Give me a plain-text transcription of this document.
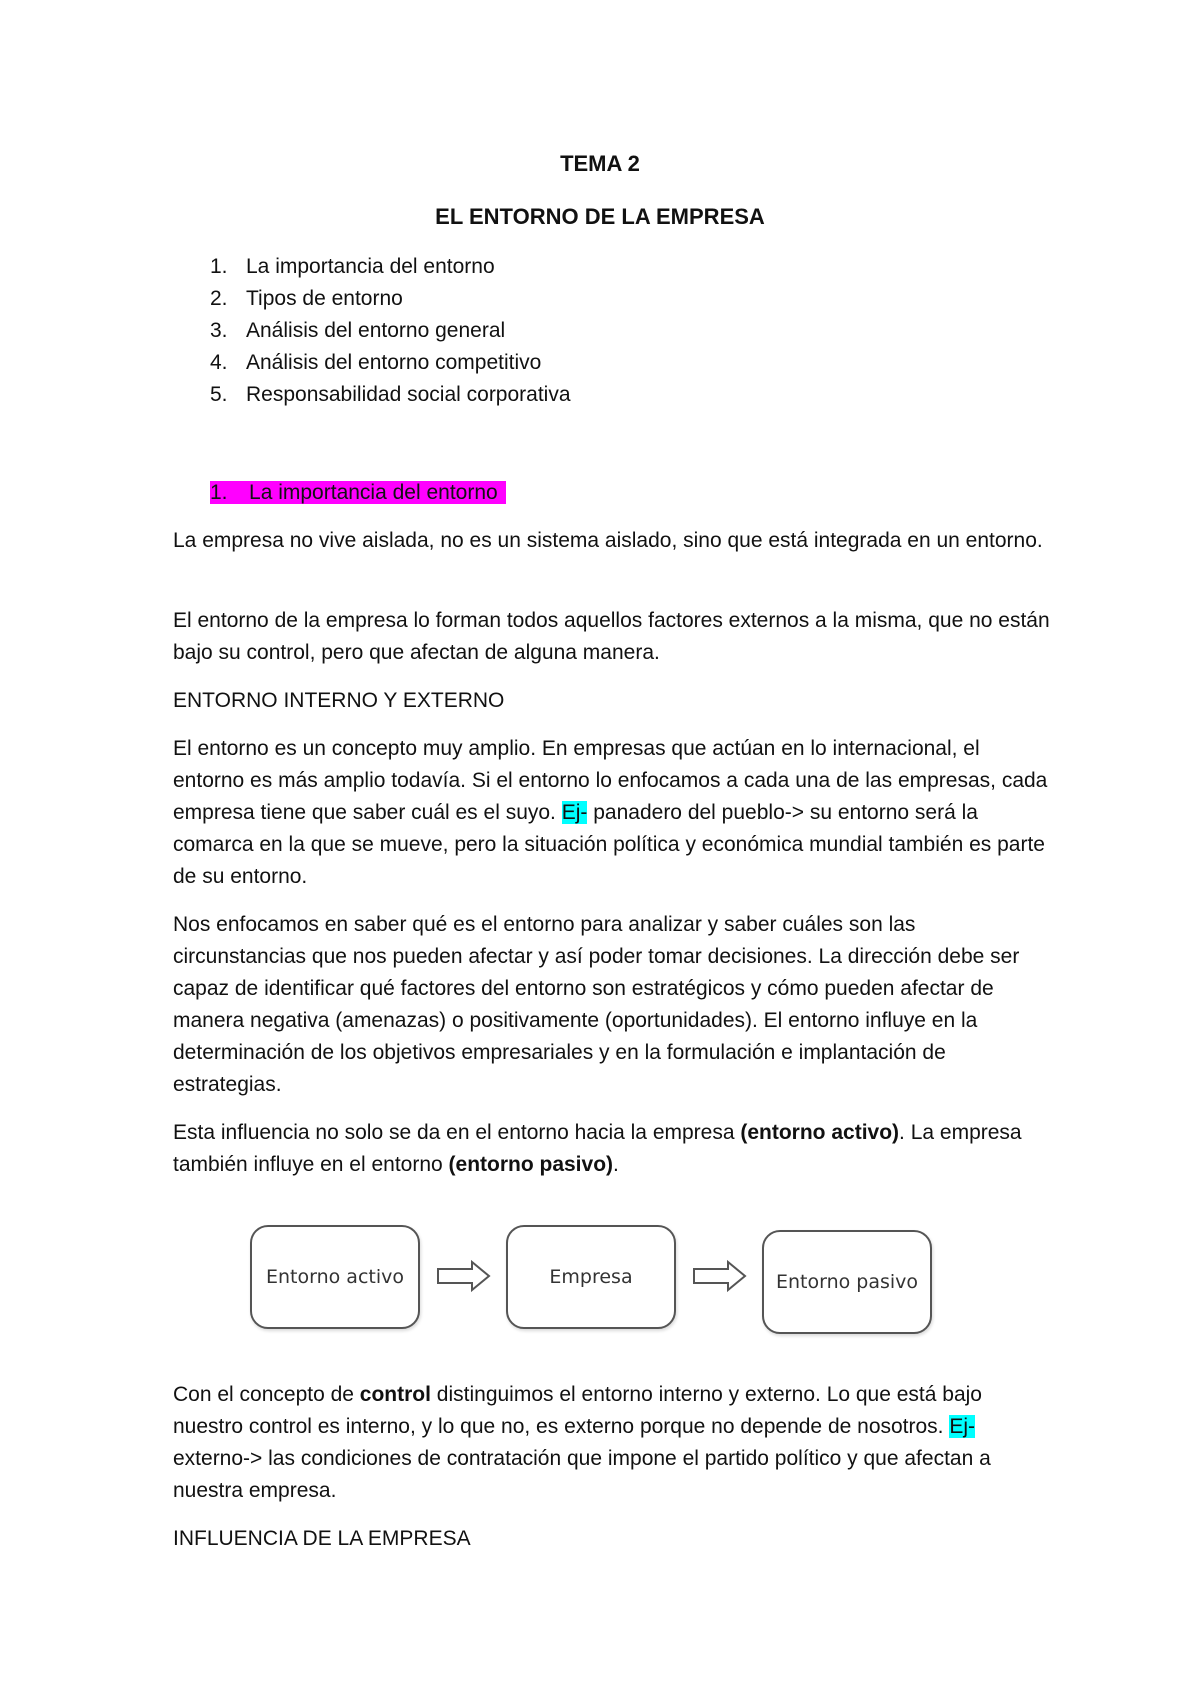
TEMA 2
EL ENTORNO DE LA EMPRESA
1. La importancia del entorno
2. Tipos de entorno
3. Análisis del entorno general
4. Análisis del entorno competitivo
5. Responsabilidad social corporativa
1. La importancia del entorno

La empresa no vive aislada, no es un sistema aislado, sino que está integrada en un entorno.

El entorno de la empresa lo forman todos aquellos factores externos a la misma, que no están bajo su control, pero que afectan de alguna manera.

ENTORNO INTERNO Y EXTERNO

El entorno es un concepto muy amplio. En empresas que actúan en lo internacional, el entorno es más amplio todavía. Si el entorno lo enfocamos a cada una de las empresas, cada empresa tiene que saber cuál es el suyo. Ej- panadero del pueblo-> su entorno será la comarca en la que se mueve, pero la situación política y económica mundial también es parte de su entorno.

Nos enfocamos en saber qué es el entorno para analizar y saber cuáles son las circunstancias que nos pueden afectar y así poder tomar decisiones. La dirección debe ser capaz de identificar qué factores del entorno son estratégicos y cómo pueden afectar de manera negativa (amenazas) o positivamente (oportunidades). El entorno influye en la determinación de los objetivos empresariales y en la formulación e implantación de estrategias.

Esta influencia no solo se da en el entorno hacia la empresa (entorno activo). La empresa también influye en el entorno (entorno pasivo).

Entorno activo	Empresa	Entorno pasivo

Con el concepto de control distinguimos el entorno interno y externo. Lo que está bajo nuestro control es interno, y lo que no, es externo porque no depende de nosotros. Ej- externo-> las condiciones de contratación que impone el partido político y que afectan a nuestra empresa.

INFLUENCIA DE LA EMPRESA
